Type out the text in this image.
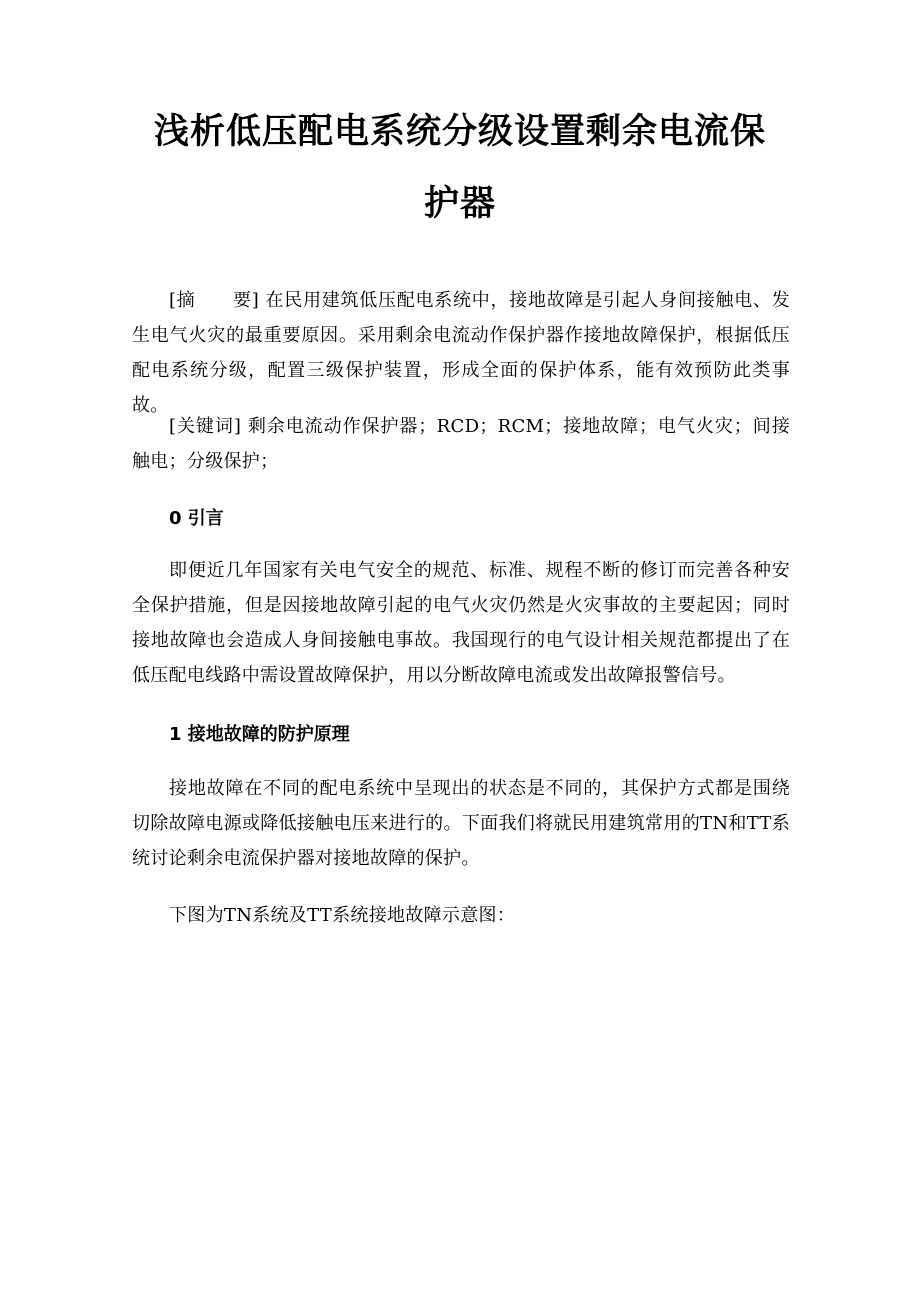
浅析低压配电系统分级设置剩余电流保
护器

[摘　　要] 在民用建筑低压配电系统中，接地故障是引起人身间接触电、发生电气火灾的最重要原因。采用剩余电流动作保护器作接地故障保护，根据低压配电系统分级，配置三级保护装置，形成全面的保护体系，能有效预防此类事故。

[关键词] 剩余电流动作保护器；RCD；RCM；接地故障；电气火灾；间接触电；分级保护；

0 引言

即便近几年国家有关电气安全的规范、标准、规程不断的修订而完善各种安全保护措施，但是因接地故障引起的电气火灾仍然是火灾事故的主要起因；同时接地故障也会造成人身间接触电事故。我国现行的电气设计相关规范都提出了在低压配电线路中需设置故障保护，用以分断故障电流或发出故障报警信号。

1 接地故障的防护原理

接地故障在不同的配电系统中呈现出的状态是不同的，其保护方式都是围绕切除故障电源或降低接触电压来进行的。下面我们将就民用建筑常用的TN和TT系统讨论剩余电流保护器对接地故障的保护。

下图为TN系统及TT系统接地故障示意图：
